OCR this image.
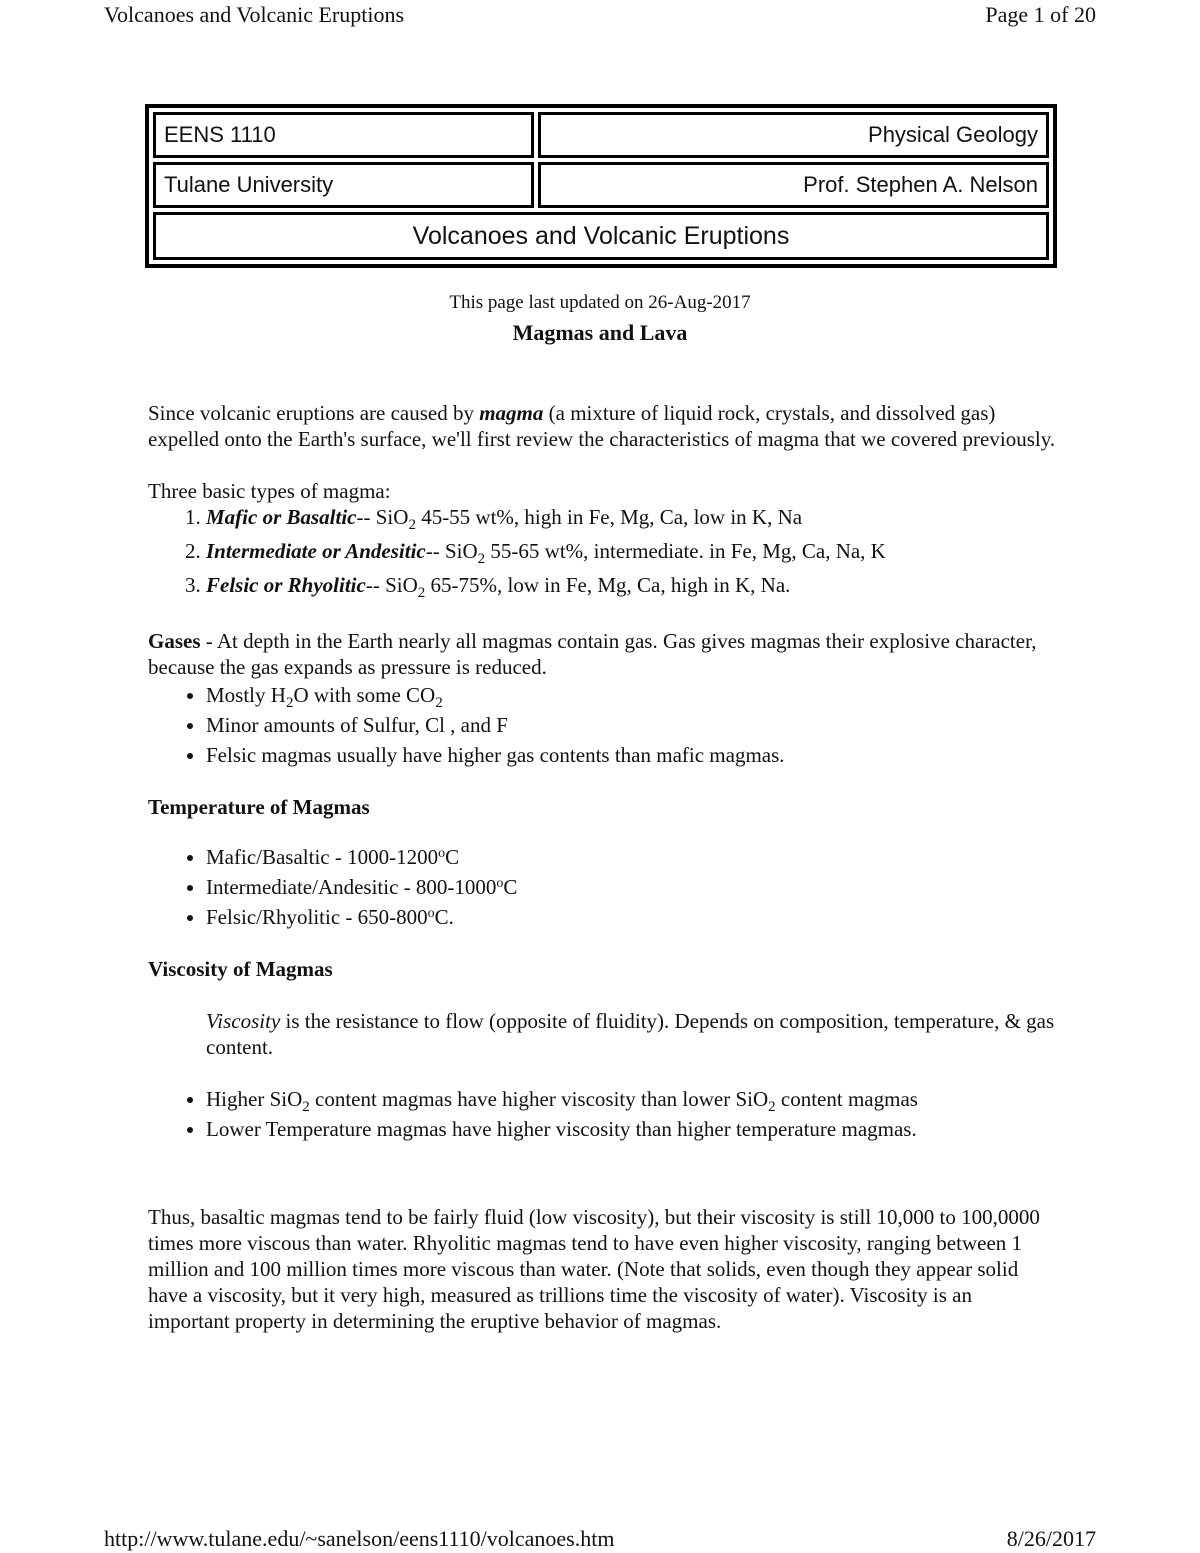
Volcanoes and Volcanic Eruptions	Page 1 of 20
EENS 1110	Physical Geology
Tulane University	Prof. Stephen A. Nelson
Volcanoes and Volcanic Eruptions	
This page last updated on 26-Aug-2017
Magmas and Lava

Since volcanic eruptions are caused by magma (a mixture of liquid rock, crystals, and dissolved gas) expelled onto the Earth's surface, we'll first review the characteristics of magma that we covered previously.

Three basic types of magma:

1. Mafic or Basaltic-- SiO$_2$ 45-55 wt%, high in Fe, Mg, Ca, low in K, Na
2. Intermediate or Andesitic-- SiO$_2$ 55-65 wt%, intermediate. in Fe, Mg, Ca, Na, K
3. Felsic or Rhyolitic-- SiO$_2$ 65-75%, low in Fe, Mg, Ca, high in K, Na.

Gases - At depth in the Earth nearly all magmas contain gas. Gas gives magmas their explosive character, because the gas expands as pressure is reduced.

• Mostly $H_2O$ with some $CO_2$
• Minor amounts of Sulfur, Cl , and F
• Felsic magmas usually have higher gas contents than mafic magmas.
Temperature of Magmas
• Mafic/Basaltic - 1000-1200$^o$C
• Intermediate/Andesitic - 800-1000$^o$C
• Felsic/Rhyolitic - 650-800$^o$C.
Viscosity of Magmas

Viscosity is the resistance to flow (opposite of fluidity). Depends on composition, temperature, & gas content.

• Higher SiO$_2$ content magmas have higher viscosity than lower SiO$_2$ content magmas
• Lower Temperature magmas have higher viscosity than higher temperature magmas.

Thus, basaltic magmas tend to be fairly fluid (low viscosity), but their viscosity is still 10,000 to 100,0000 times more viscous than water. Rhyolitic magmas tend to have even higher viscosity, ranging between 1 million and 100 million times more viscous than water. (Note that solids, even though they appear solid have a viscosity, but it very high, measured as trillions time the viscosity of water). Viscosity is an important property in determining the eruptive behavior of magmas.

http://www.tulane.edu/~sanelson/eens1110/volcanoes.htm	8/26/2017
